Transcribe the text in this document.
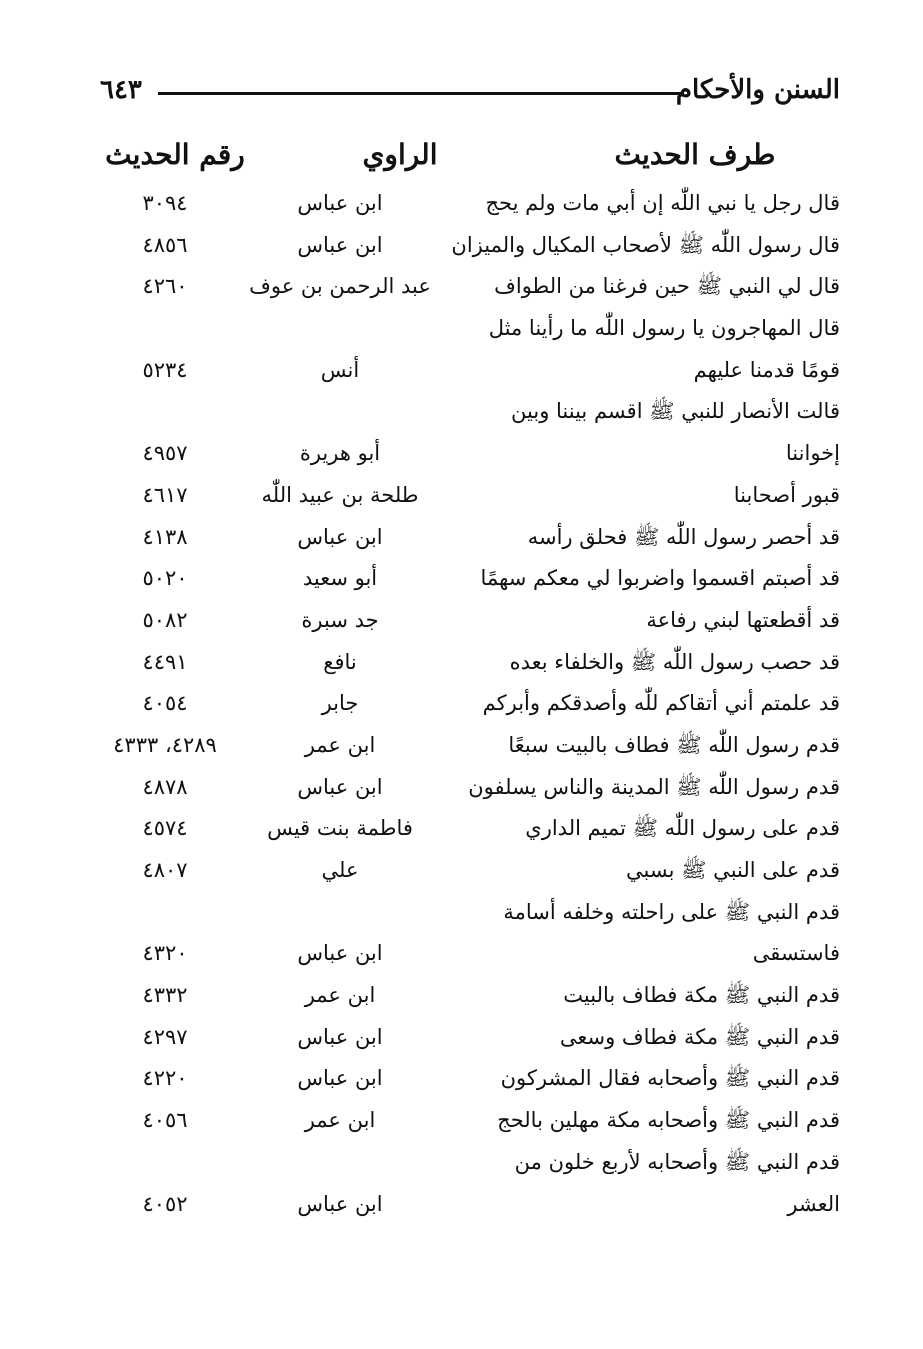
السنن والأحكام
٦٤٣
طرف الحديث
الراوي
رقم الحديث
قال رجل يا نبي اللّٰه إن أبي مات ولم يحج
ابن عباس
٣٠٩٤
قال رسول اللّٰه ﷺ لأصحاب المكيال والميزان
ابن عباس
٤٨٥٦
قال لي النبي ﷺ حين فرغنا من الطواف
عبد الرحمن بن عوف
٤٢٦٠
قال المهاجرون يا رسول اللّٰه ما رأينا مثل
قومًا قدمنا عليهم
أنس
٥٢٣٤
قالت الأنصار للنبي ﷺ اقسم بيننا وبين
إخواننا
أبو هريرة
٤٩٥٧
قبور أصحابنا
طلحة بن عبيد اللّٰه
٤٦١٧
قد أحصر رسول اللّٰه ﷺ فحلق رأسه
ابن عباس
٤١٣٨
قد أصبتم اقسموا واضربوا لي معكم سهمًا
أبو سعيد
٥٠٢٠
قد أقطعتها لبني رفاعة
جد سبرة
٥٠٨٢
قد حصب رسول اللّٰه ﷺ والخلفاء بعده
نافع
٤٤٩١
قد علمتم أني أتقاكم للّٰه وأصدقكم وأبركم
جابر
٤٠٥٤
قدم رسول اللّٰه ﷺ فطاف بالبيت سبعًا
ابن عمر
٤٢٨٩، ٤٣٣٣
قدم رسول اللّٰه ﷺ المدينة والناس يسلفون
ابن عباس
٤٨٧٨
قدم على رسول اللّٰه ﷺ تميم الداري
فاطمة بنت قيس
٤٥٧٤
قدم على النبي ﷺ بسبي
علي
٤٨٠٧
قدم النبي ﷺ على راحلته وخلفه أسامة
فاستسقى
ابن عباس
٤٣٢٠
قدم النبي ﷺ مكة فطاف بالبيت
ابن عمر
٤٣٣٢
قدم النبي ﷺ مكة فطاف وسعى
ابن عباس
٤٢٩٧
قدم النبي ﷺ وأصحابه فقال المشركون
ابن عباس
٤٢٢٠
قدم النبي ﷺ وأصحابه مكة مهلين بالحج
ابن عمر
٤٠٥٦
قدم النبي ﷺ وأصحابه لأربع خلون من
العشر
ابن عباس
٤٠٥٢
